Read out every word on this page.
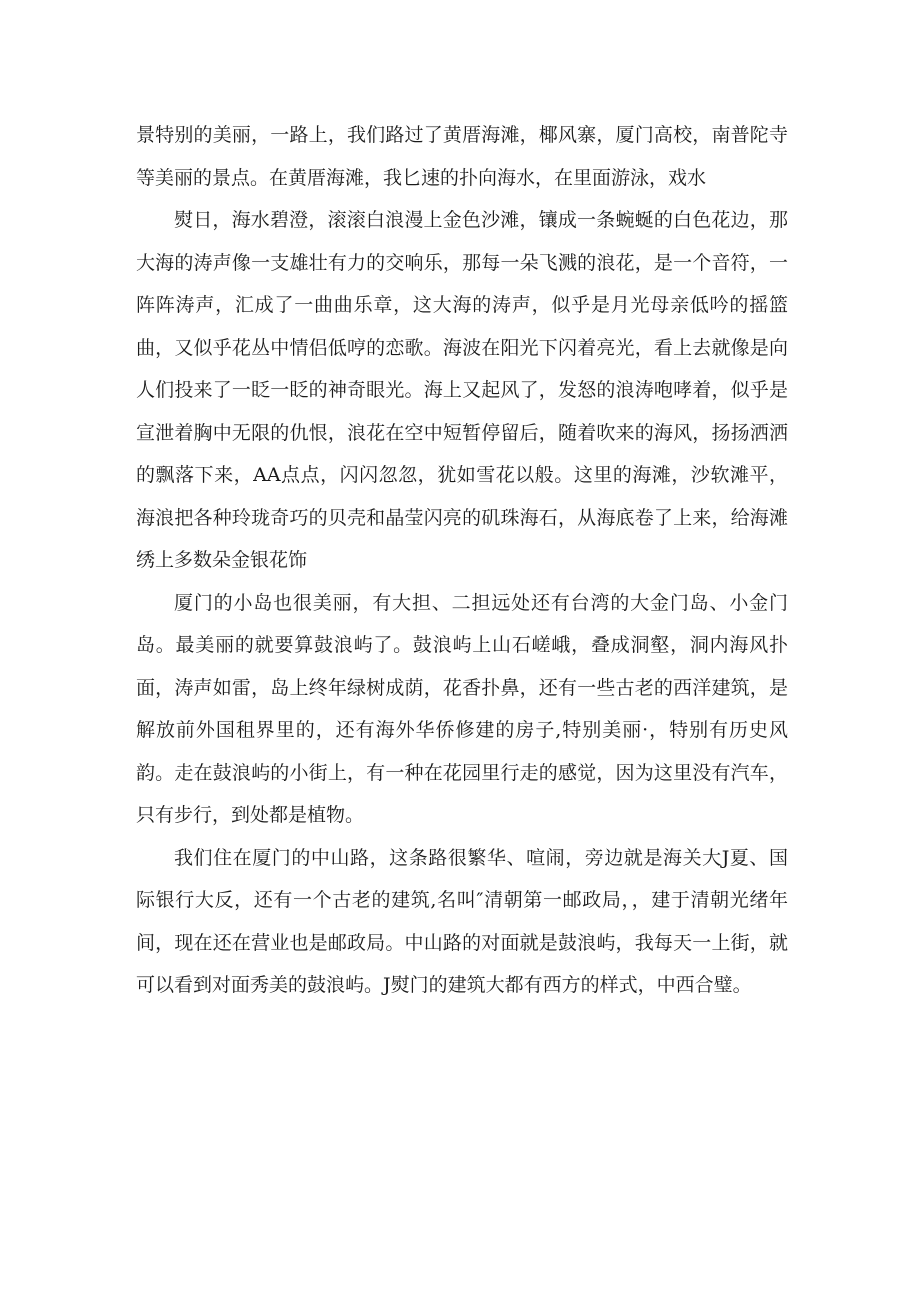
景特别的美丽，一路上，我们路过了黄厝海滩，椰风寨，厦门高校，南普陀寺等美丽的景点。在黄厝海滩，我匕速的扑向海水，在里面游泳，戏水

熨日，海水碧澄，滚滚白浪漫上金色沙滩，镶成一条蜿蜒的白色花边，那大海的涛声像一支雄壮有力的交响乐，那每一朵飞溅的浪花，是一个音符，一阵阵涛声，汇成了一曲曲乐章，这大海的涛声，似乎是月光母亲低吟的摇篮曲，又似乎花丛中情侣低哼的恋歌。海波在阳光下闪着亮光，看上去就像是向人们投来了一眨一眨的神奇眼光。海上又起风了，发怒的浪涛咆哮着，似乎是宣泄着胸中无限的仇恨，浪花在空中短暂停留后，随着吹来的海风，扬扬洒洒的飘落下来，AA点点，闪闪忽忽，犹如雪花以般。这里的海滩，沙软滩平，海浪把各种玲珑奇巧的贝壳和晶莹闪亮的矶珠海石，从海底卷了上来，给海滩绣上多数朵金银花饰

厦门的小岛也很美丽，有大担、二担远处还有台湾的大金门岛、小金门岛。最美丽的就要算鼓浪屿了。鼓浪屿上山石嵯峨，叠成洞壑，洞内海风扑面，涛声如雷，岛上终年绿树成荫，花香扑鼻，还有一些古老的西洋建筑，是解放前外国租界里的，还有海外华侨修建的房子,特别美丽·，特别有历史风韵。走在鼓浪屿的小街上，有一种在花园里行走的感觉，因为这里没有汽车，只有步行，到处都是植物。

我们住在厦门的中山路，这条路很繁华、喧闹，旁边就是海关大J夏、国际银行大反，还有一个古老的建筑,名叫″清朝第一邮政局，，建于清朝光绪年间，现在还在营业也是邮政局。中山路的对面就是鼓浪屿，我每天一上街，就可以看到对面秀美的鼓浪屿。J熨门的建筑大都有西方的样式，中西合璧。
